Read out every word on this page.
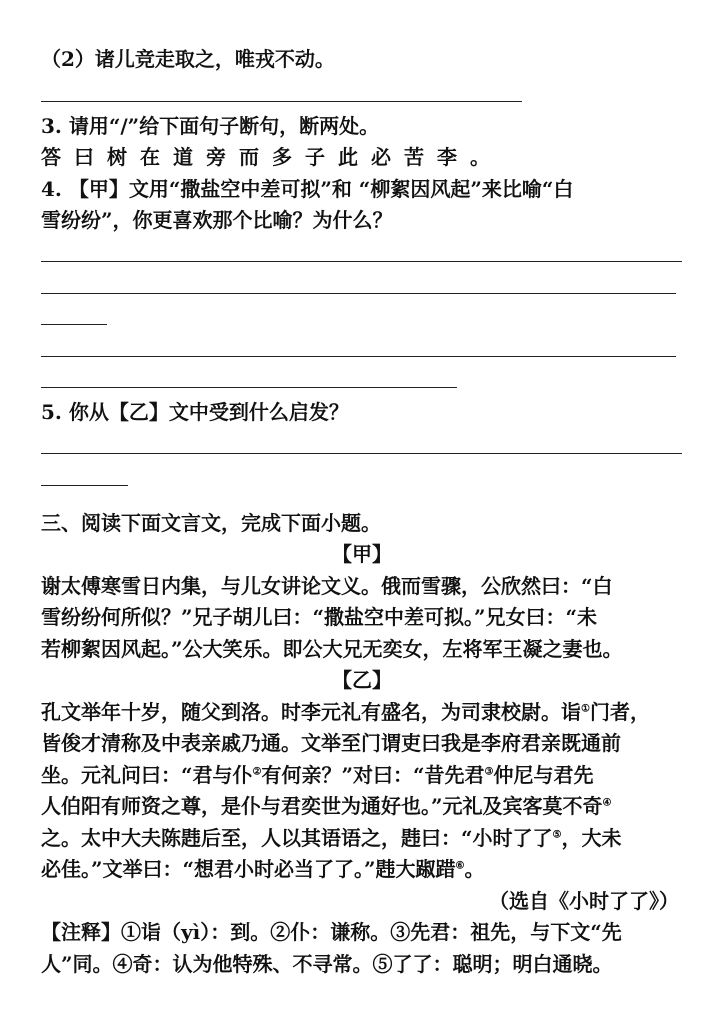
（2）诸儿竞走取之，唯戎不动。
3. 请用“/”给下面句子断句，断两处。
答曰树在道旁而多子此必苦李。
4. 【甲】文用“撒盐空中差可拟”和 “柳絮因风起”来比喻“白
雪纷纷”，你更喜欢那个比喻？为什么？
5. 你从【乙】文中受到什么启发？
三、阅读下面文言文，完成下面小题。
【甲】
谢太傅寒雪日内集，与儿女讲论文义。俄而雪骤，公欣然曰：“白
雪纷纷何所似？”兄子胡儿曰：“撒盐空中差可拟。”兄女曰：“未
若柳絮因风起。”公大笑乐。即公大兄无奕女，左将军王凝之妻也。
【乙】
孔文举年十岁，随父到洛。时李元礼有盛名，为司隶校尉。诣①门者，
皆俊才清称及中表亲戚乃通。文举至门谓吏曰我是李府君亲既通前
坐。元礼问曰：“君与仆②有何亲？”对曰：“昔先君③仲尼与君先
人伯阳有师资之尊，是仆与君奕世为通好也。”元礼及宾客莫不奇④
之。太中大夫陈韪后至，人以其语语之，韪曰：“小时了了⑤，大未
必佳。”文举曰：“想君小时必当了了。”韪大踧踖⑥。
（选自《小时了了》）
【注释】①诣（yì）：到。②仆：谦称。③先君：祖先，与下文“先
人”同。④奇：认为他特殊、不寻常。⑤了了：聪明；明白通晓。
